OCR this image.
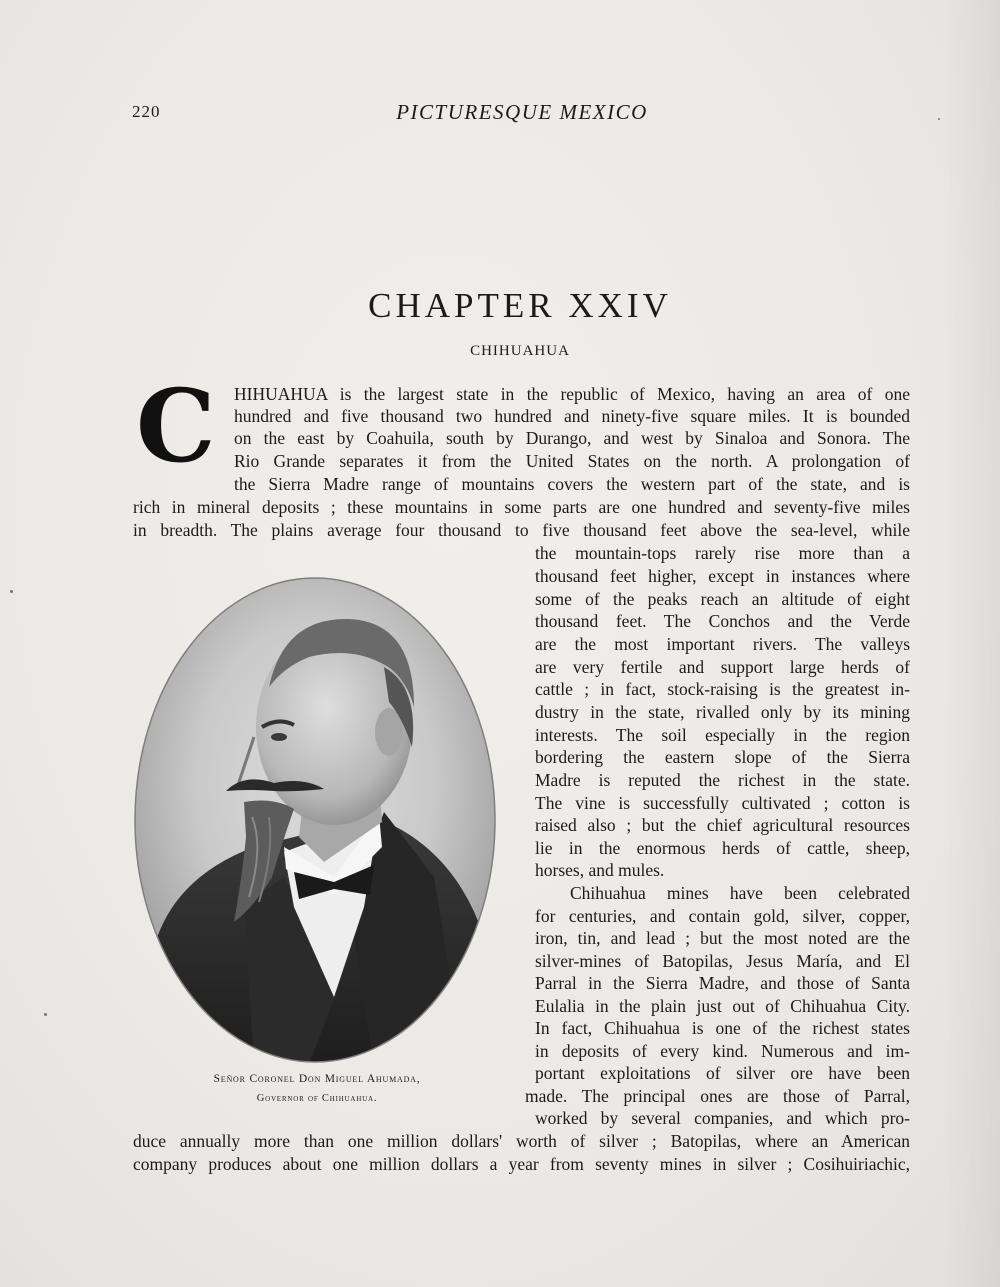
220	PICTURESQUE MEXICO
CHAPTER XXIV
CHIHUAHUA
C HIHUAHUA is the largest state in the republic of Mexico, having an area of one
hundred and five thousand two hundred and ninety-five square miles. It is bounded
on the east by Coahuila, south by Durango, and west by Sinaloa and Sonora. The
Rio Grande separates it from the United States on the north. A prolongation of
the Sierra Madre range of mountains covers the western part of the state, and is
rich in mineral deposits ; these mountains in some parts are one hundred and seventy-five miles
in breadth. The plains average four thousand to five thousand feet above the sea-level, while
the mountain-tops rarely rise more than a
thousand feet higher, except in instances where
some of the peaks reach an altitude of eight
thousand feet. The Conchos and the Verde
are the most important rivers. The valleys
are very fertile and support large herds of
cattle ; in fact, stock-raising is the greatest in-
dustry in the state, rivalled only by its mining
interests. The soil especially in the region
bordering the eastern slope of the Sierra
Madre is reputed the richest in the state.
The vine is successfully cultivated ; cotton is
raised also ; but the chief agricultural resources
lie in the enormous herds of cattle, sheep,
horses, and mules.
Chihuahua mines have been celebrated
for centuries, and contain gold, silver, copper,
iron, tin, and lead ; but the most noted are the
silver-mines of Batopilas, Jesus María, and El
Parral in the Sierra Madre, and those of Santa
Eulalia in the plain just out of Chihuahua City.
In fact, Chihuahua is one of the richest states
in deposits of every kind. Numerous and im-
portant exploitations of silver ore have been
made. The principal ones are those of Parral,
worked by several companies, and which pro-
duce annually more than one million dollars' worth of silver ; Batopilas, where an American
company produces about one million dollars a year from seventy mines in silver ; Cosihuiriachic,
Señor Coronel Don Miguel Ahumada,
Governor of Chihuahua.
